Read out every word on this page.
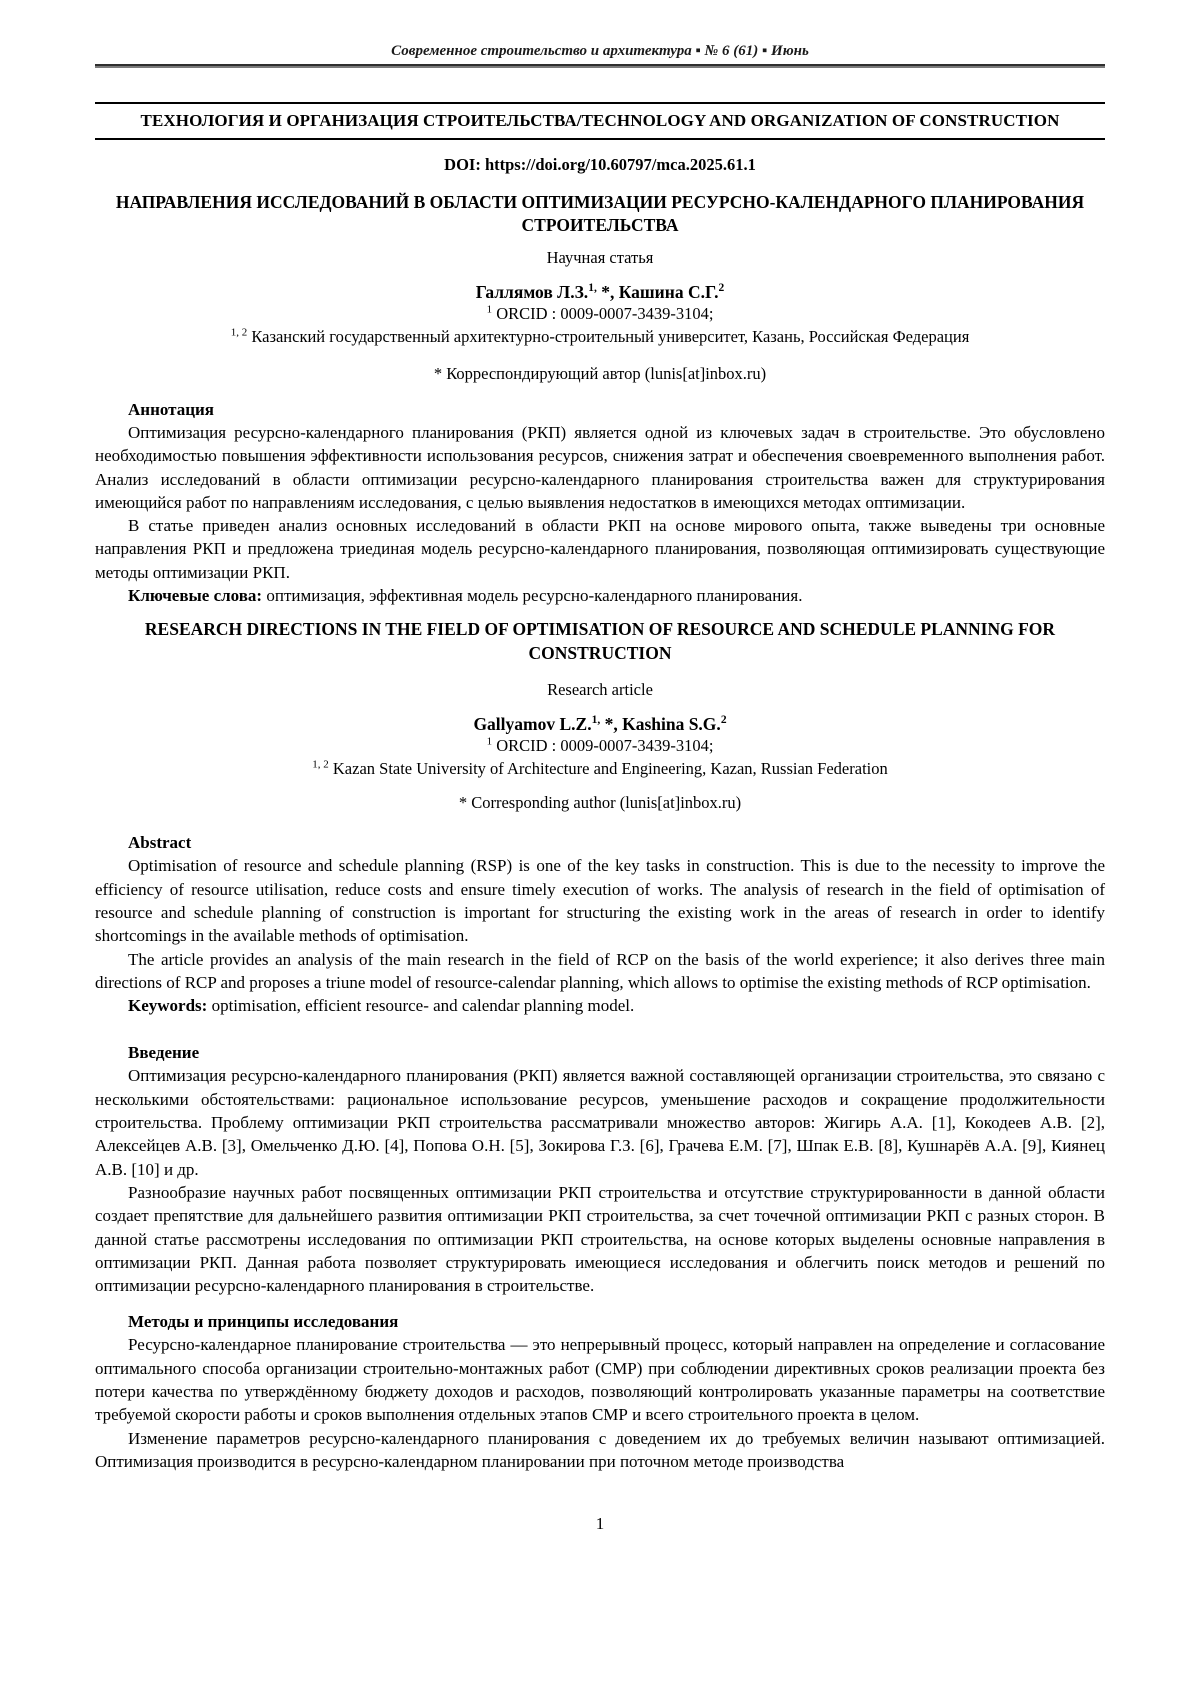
Современное строительство и архитектура ▪ № 6 (61) ▪ Июнь
ТЕХНОЛОГИЯ И ОРГАНИЗАЦИЯ СТРОИТЕЛЬСТВА/TECHNOLOGY AND ORGANIZATION OF CONSTRUCTION
DOI: https://doi.org/10.60797/mca.2025.61.1
НАПРАВЛЕНИЯ ИССЛЕДОВАНИЙ В ОБЛАСТИ ОПТИМИЗАЦИИ РЕСУРСНО-КАЛЕНДАРНОГО ПЛАНИРОВАНИЯ СТРОИТЕЛЬСТВА
Научная статья
Галлямов Л.З.$^{1,}$ *, Кашина С.Г.$^2$
$^1$ ORCID : 0009-0007-3439-3104;
$^{1, 2}$ Казанский государственный архитектурно-строительный университет, Казань, Российская Федерация
* Корреспондирующий автор (lunis[at]inbox.ru)

Аннотация

Оптимизация ресурсно-календарного планирования (РКП) является одной из ключевых задач в строительстве. Это обусловлено необходимостью повышения эффективности использования ресурсов, снижения затрат и обеспечения своевременного выполнения работ. Анализ исследований в области оптимизации ресурсно-календарного планирования строительства важен для структурирования имеющийся работ по направлениям исследования, с целью выявления недостатков в имеющихся методах оптимизации.

В статье приведен анализ основных исследований в области РКП на основе мирового опыта, также выведены три основные направления РКП и предложена триединая модель ресурсно-календарного планирования, позволяющая оптимизировать существующие методы оптимизации РКП.

Ключевые слова: оптимизация, эффективная модель ресурсно-календарного планирования.

RESEARCH DIRECTIONS IN THE FIELD OF OPTIMISATION OF RESOURCE AND SCHEDULE PLANNING FOR CONSTRUCTION
Research article
Gallyamov L.Z.$^{1,}$ *, Kashina S.G.$^2$
$^1$ ORCID : 0009-0007-3439-3104;
$^{1, 2}$ Kazan State University of Architecture and Engineering, Kazan, Russian Federation
* Corresponding author (lunis[at]inbox.ru)

Abstract

Optimisation of resource and schedule planning (RSP) is one of the key tasks in construction. This is due to the necessity to improve the efficiency of resource utilisation, reduce costs and ensure timely execution of works. The analysis of research in the field of optimisation of resource and schedule planning of construction is important for structuring the existing work in the areas of research in order to identify shortcomings in the available methods of optimisation.

The article provides an analysis of the main research in the field of RCP on the basis of the world experience; it also derives three main directions of RCP and proposes a triune model of resource-calendar planning, which allows to optimise the existing methods of RCP optimisation.

Keywords: optimisation, efficient resource- and calendar planning model.

Введение

Оптимизация ресурсно-календарного планирования (РКП) является важной составляющей организации строительства, это связано с несколькими обстоятельствами: рациональное использование ресурсов, уменьшение расходов и сокращение продолжительности строительства. Проблему оптимизации РКП строительства рассматривали множество авторов: Жигирь А.А. [1], Кокодеев А.В. [2], Алексейцев А.В. [3], Омельченко Д.Ю. [4], Попова О.Н. [5], Зокирова Г.З. [6], Грачева Е.М. [7], Шпак Е.В. [8], Кушнарёв А.А. [9], Киянец А.В. [10] и др.

Разнообразие научных работ посвященных оптимизации РКП строительства и отсутствие структурированности в данной области создает препятствие для дальнейшего развития оптимизации РКП строительства, за счет точечной оптимизации РКП с разных сторон. В данной статье рассмотрены исследования по оптимизации РКП строительства, на основе которых выделены основные направления в оптимизации РКП. Данная работа позволяет структурировать имеющиеся исследования и облегчить поиск методов и решений по оптимизации ресурсно-календарного планирования в строительстве.

Методы и принципы исследования

Ресурсно-календарное планирование строительства — это непрерывный процесс, который направлен на определение и согласование оптимального способа организации строительно-монтажных работ (СМР) при соблюдении директивных сроков реализации проекта без потери качества по утверждённому бюджету доходов и расходов, позволяющий контролировать указанные параметры на соответствие требуемой скорости работы и сроков выполнения отдельных этапов СМР и всего строительного проекта в целом.

Изменение параметров ресурсно-календарного планирования с доведением их до требуемых величин называют оптимизацией. Оптимизация производится в ресурсно-календарном планировании при поточном методе производства

1
